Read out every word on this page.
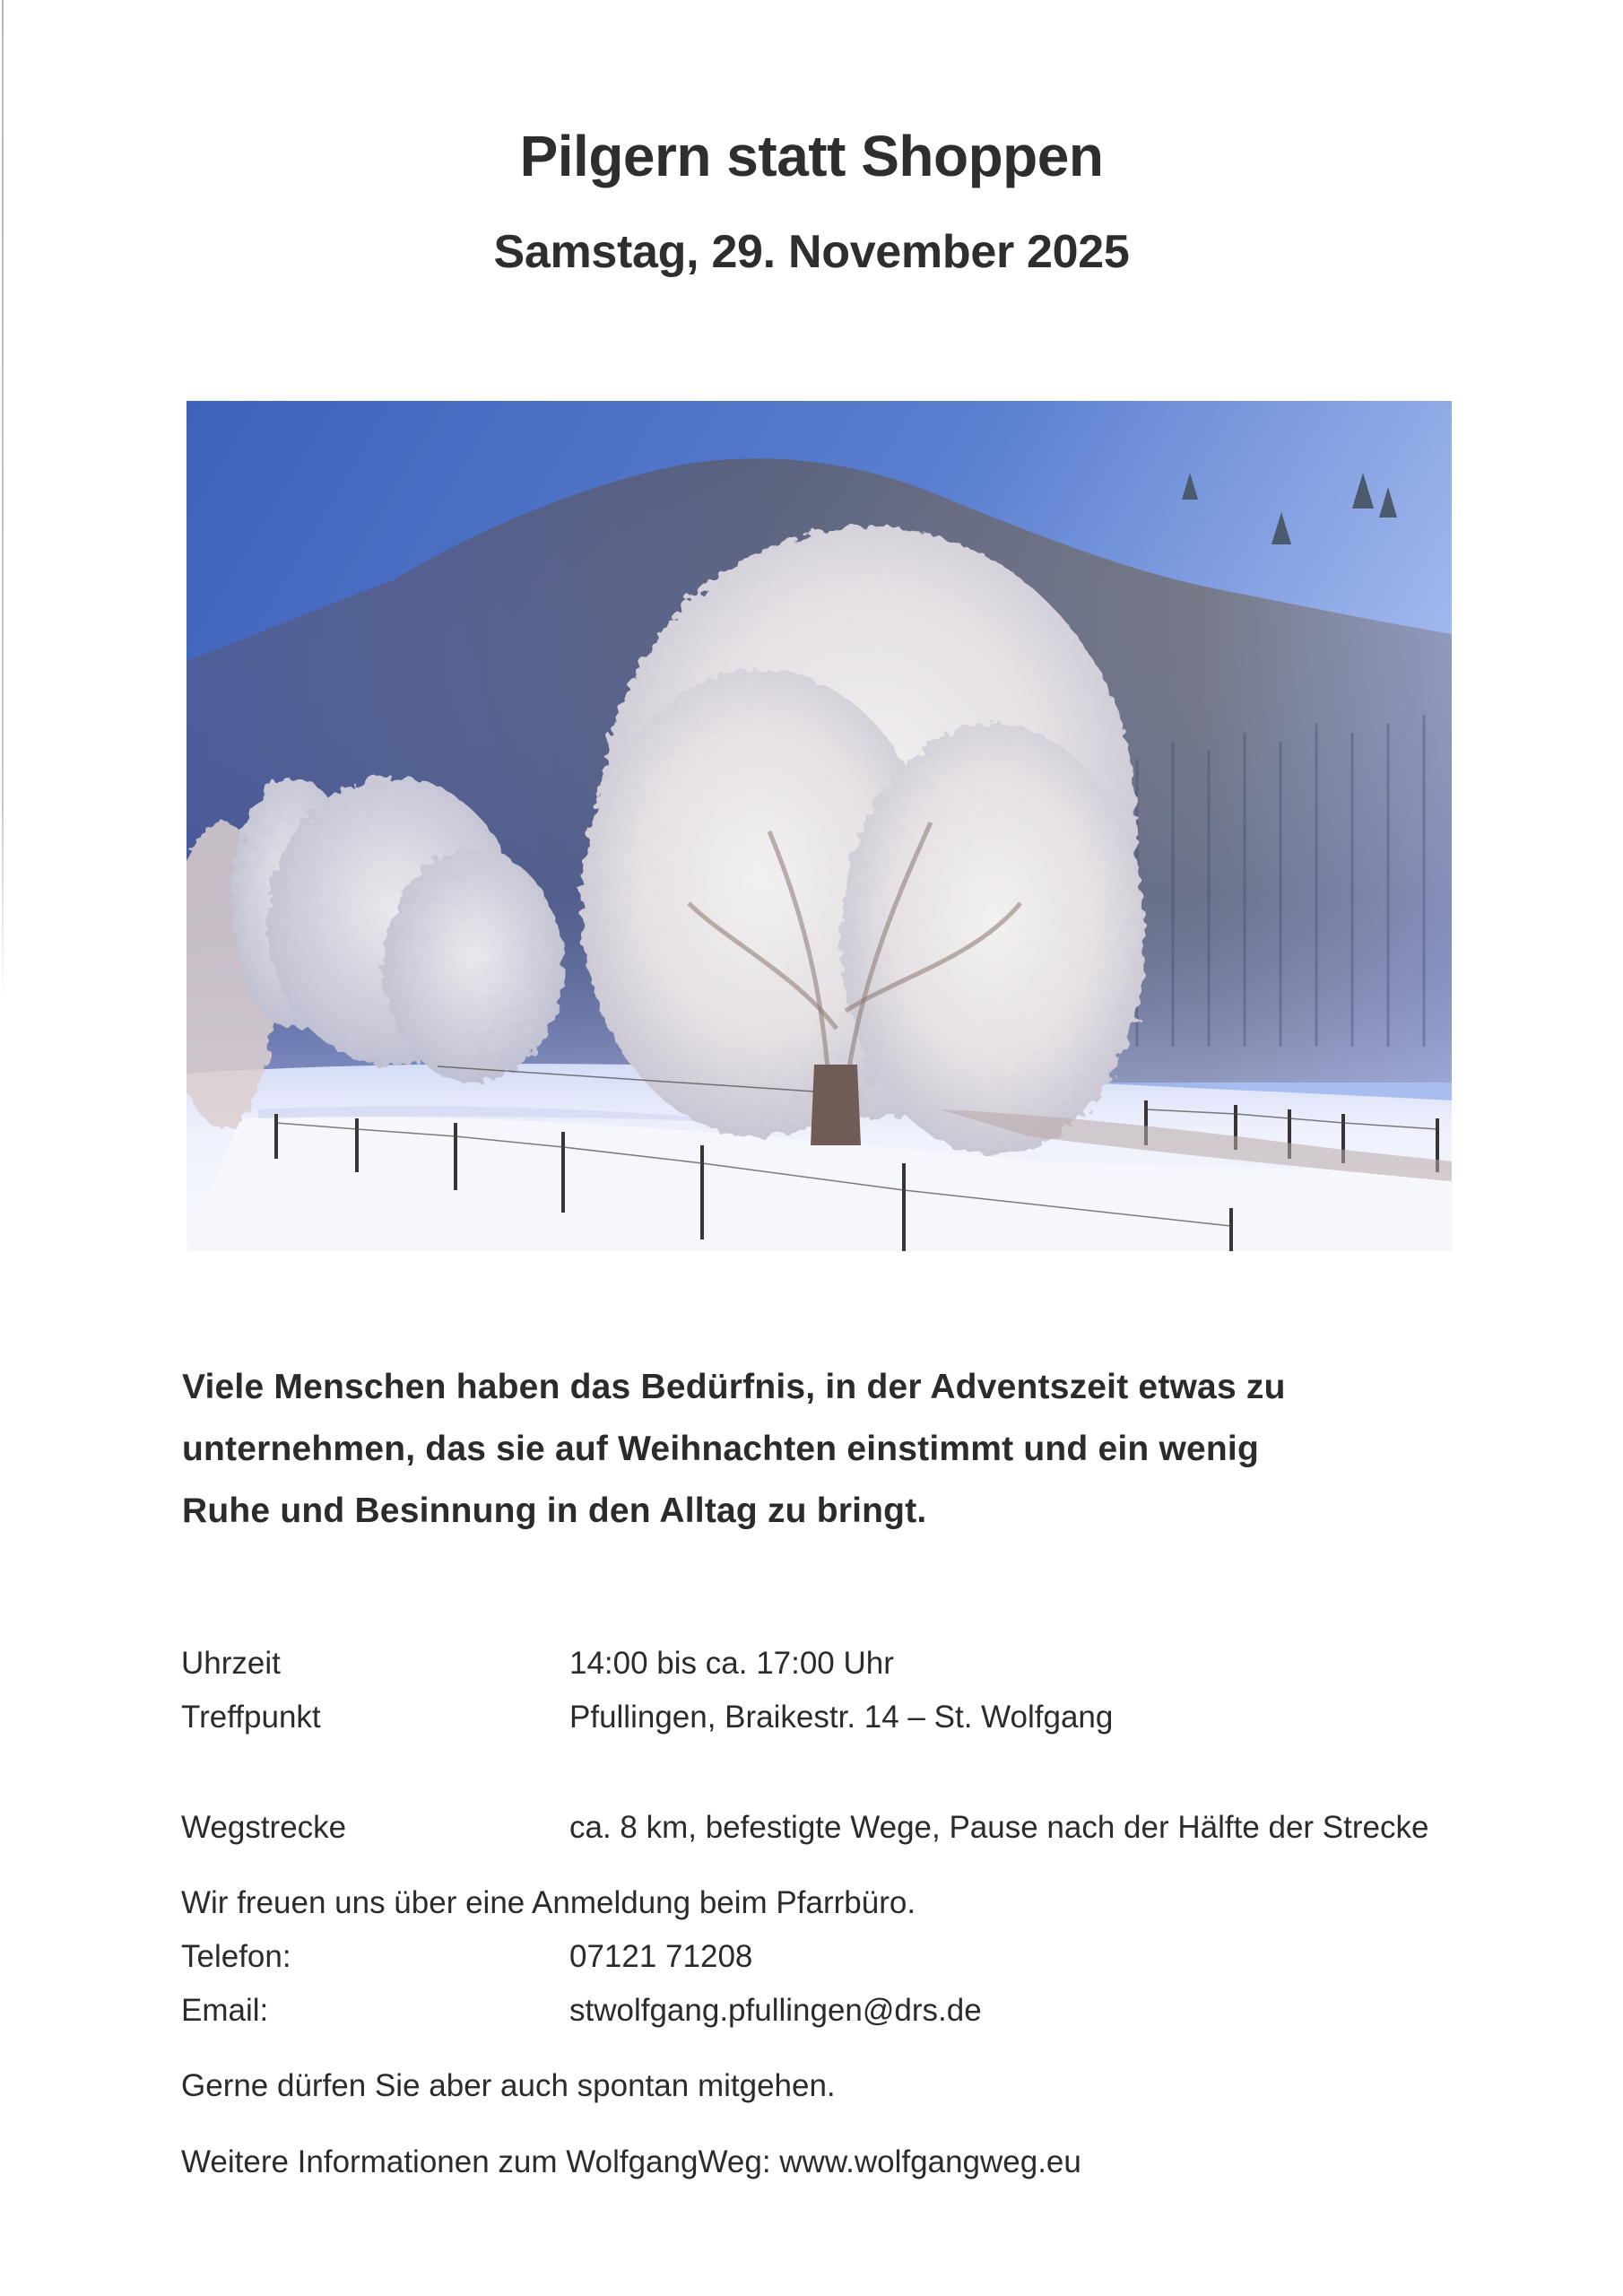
Pilgern statt Shoppen
Samstag, 29. November 2025
Viele Menschen haben das Bedürfnis, in der Adventszeit etwas zu
unternehmen, das sie auf Weihnachten einstimmt und ein wenig
Ruhe und Besinnung in den Alltag zu bringt.
Uhrzeit	14:00 bis ca. 17:00 Uhr
Treffpunkt	Pfullingen, Braikestr. 14 – St. Wolfgang
Wegstrecke	ca. 8 km, befestigte Wege, Pause nach der Hälfte der Strecke
Wir freuen uns über eine Anmeldung beim Pfarrbüro.
Telefon:	07121 71208
Email:	stwolfgang.pfullingen@drs.de
Gerne dürfen Sie aber auch spontan mitgehen.
Weitere Informationen zum WolfgangWeg: www.wolfgangweg.eu
